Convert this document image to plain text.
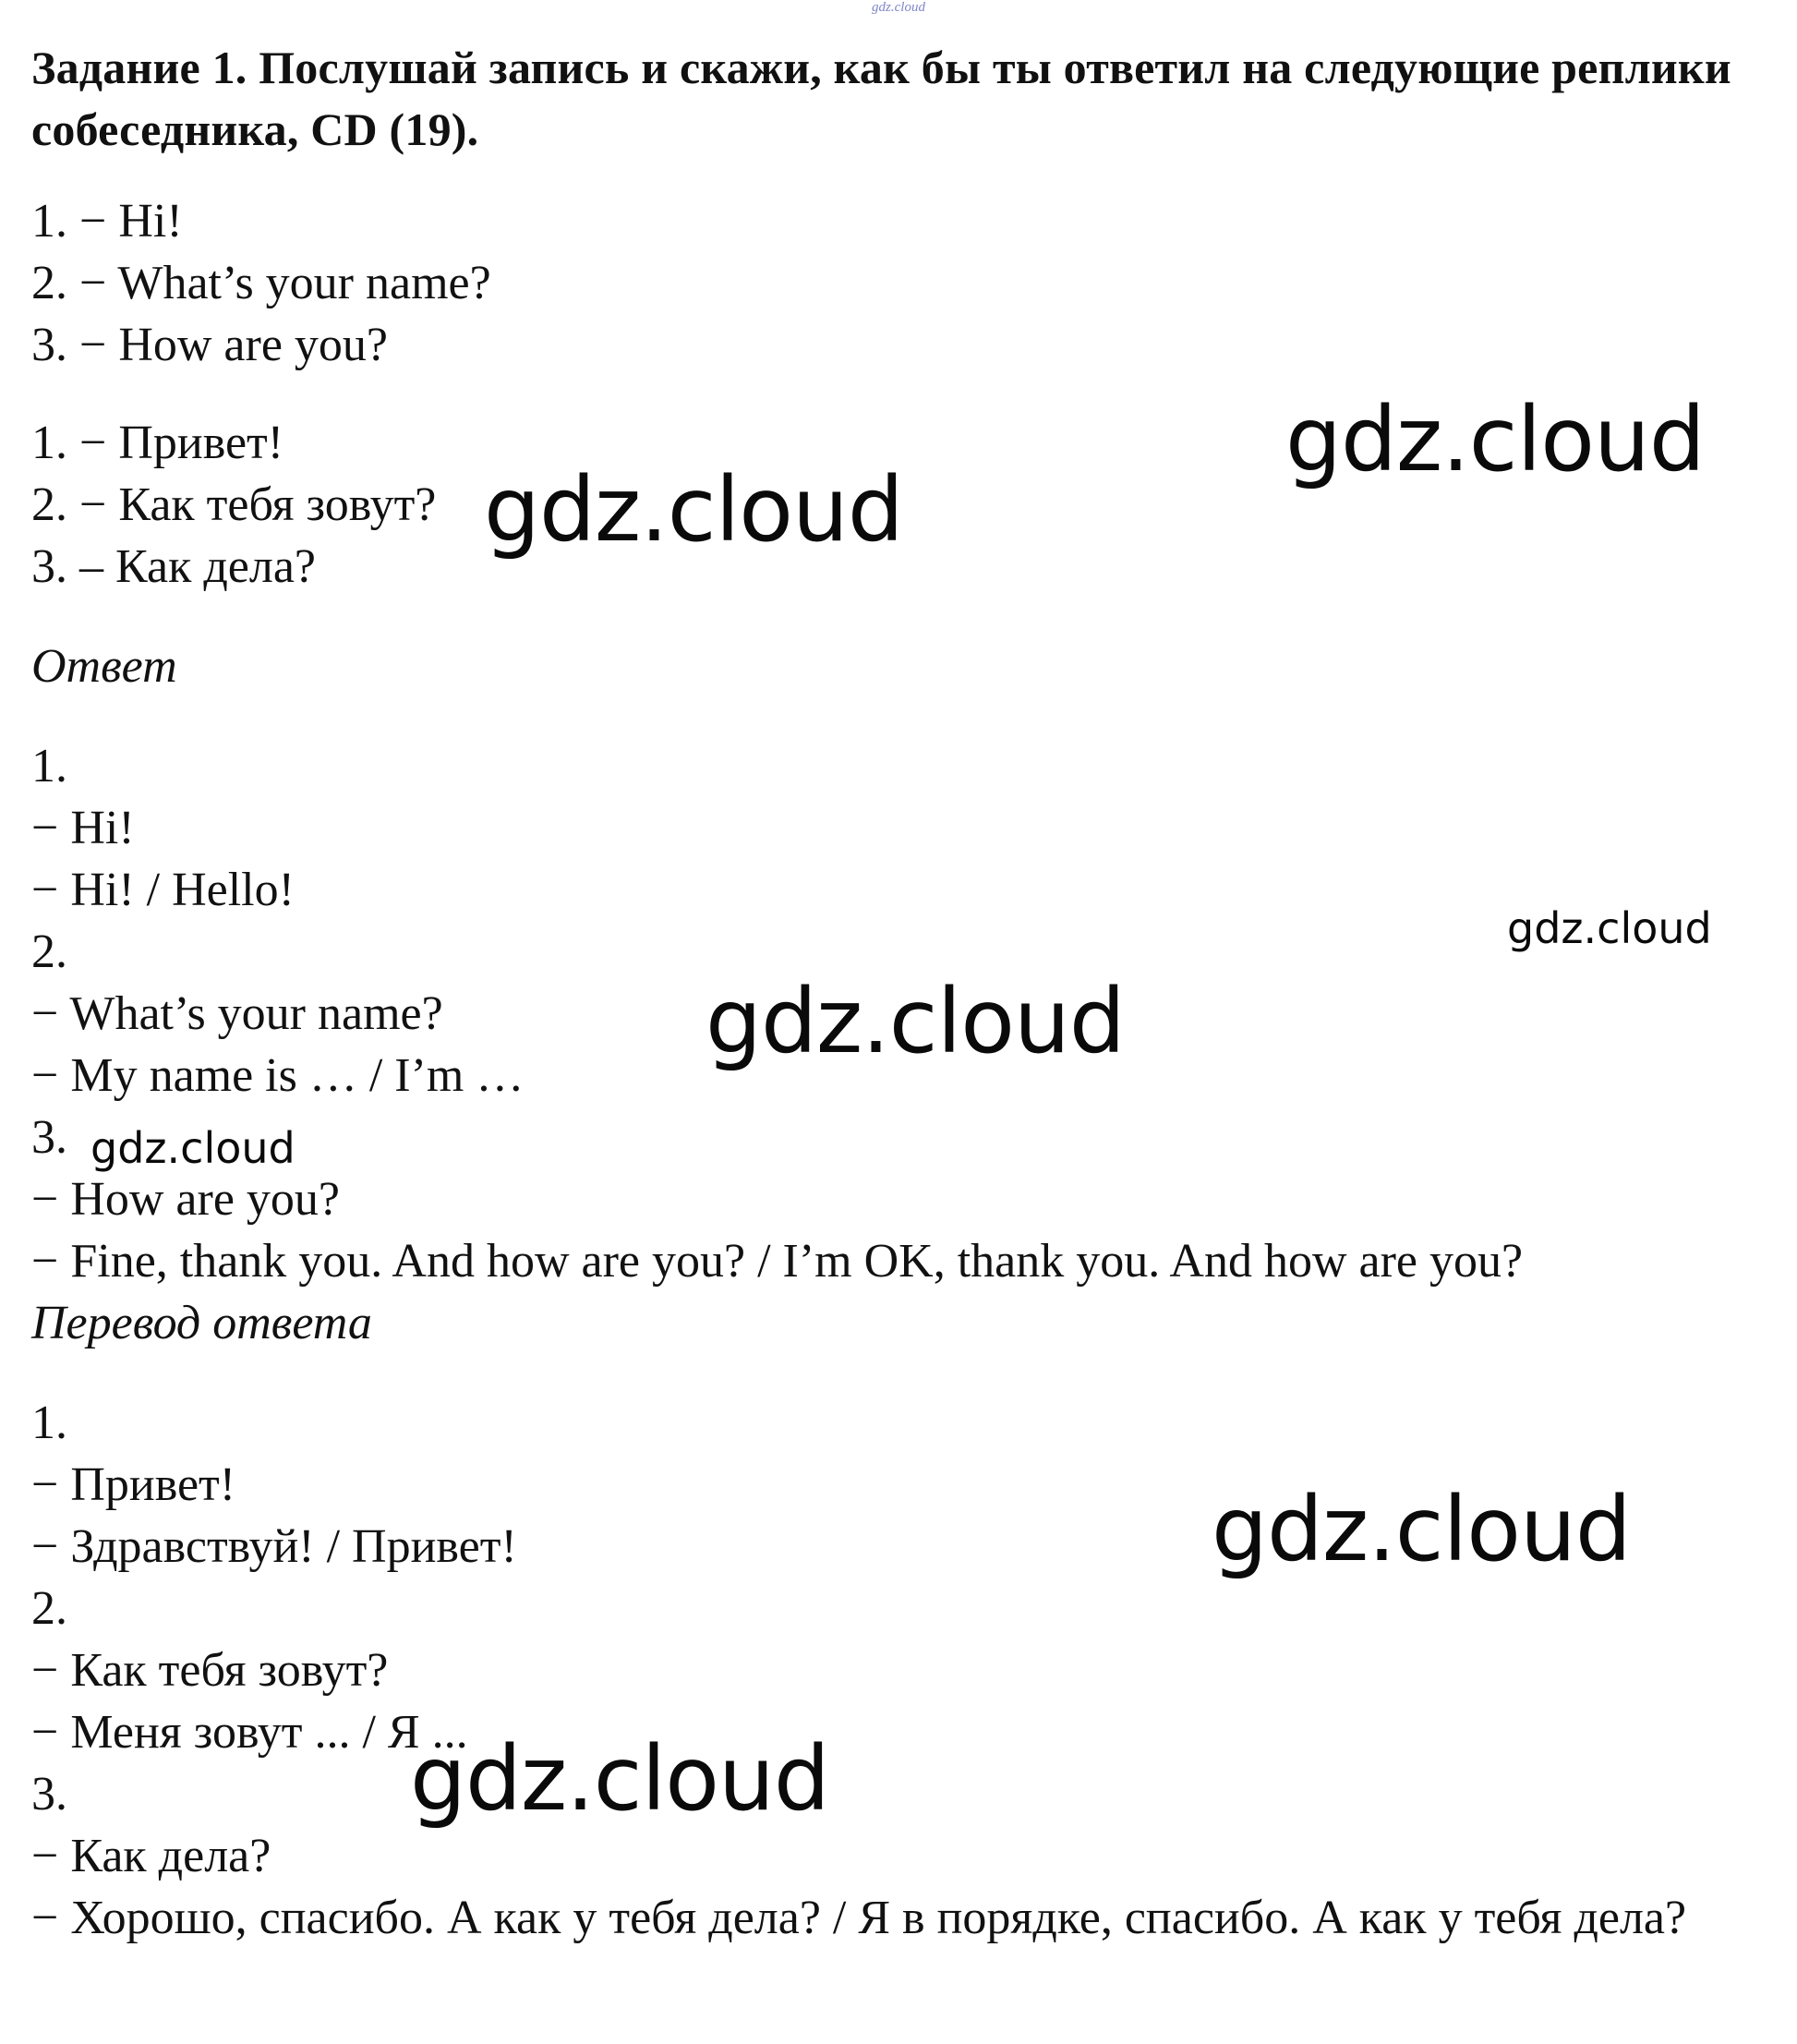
gdz.cloud
Задание 1. Послушай запись и скажи, как бы ты ответил на следующие реплики собеседника, CD (19).
1. − Hi!
2. − What’s your name?
3. − How are you?
1. − Привет!
2. − Как тебя зовут?
3. – Как дела?
Ответ
1.
− Hi!
− Hi! / Hello!
2.
− What’s your name?
− My name is … / I’m …
3.
− How are you?
− Fine, thank you. And how are you? / I’m OK, thank you. And how are you?
Перевод ответа
1.
− Привет!
− Здравствуй! / Привет!
2.
− Как тебя зовут?
− Меня зовут ... / Я ...
3.
− Как дела?
− Хорошо, спасибо. А как у тебя дела? / Я в порядке, спасибо. А как у тебя дела?
gdz.cloud
gdz.cloud
gdz.cloud
gdz.cloud
gdz.cloud
gdz.cloud
gdz.cloud
